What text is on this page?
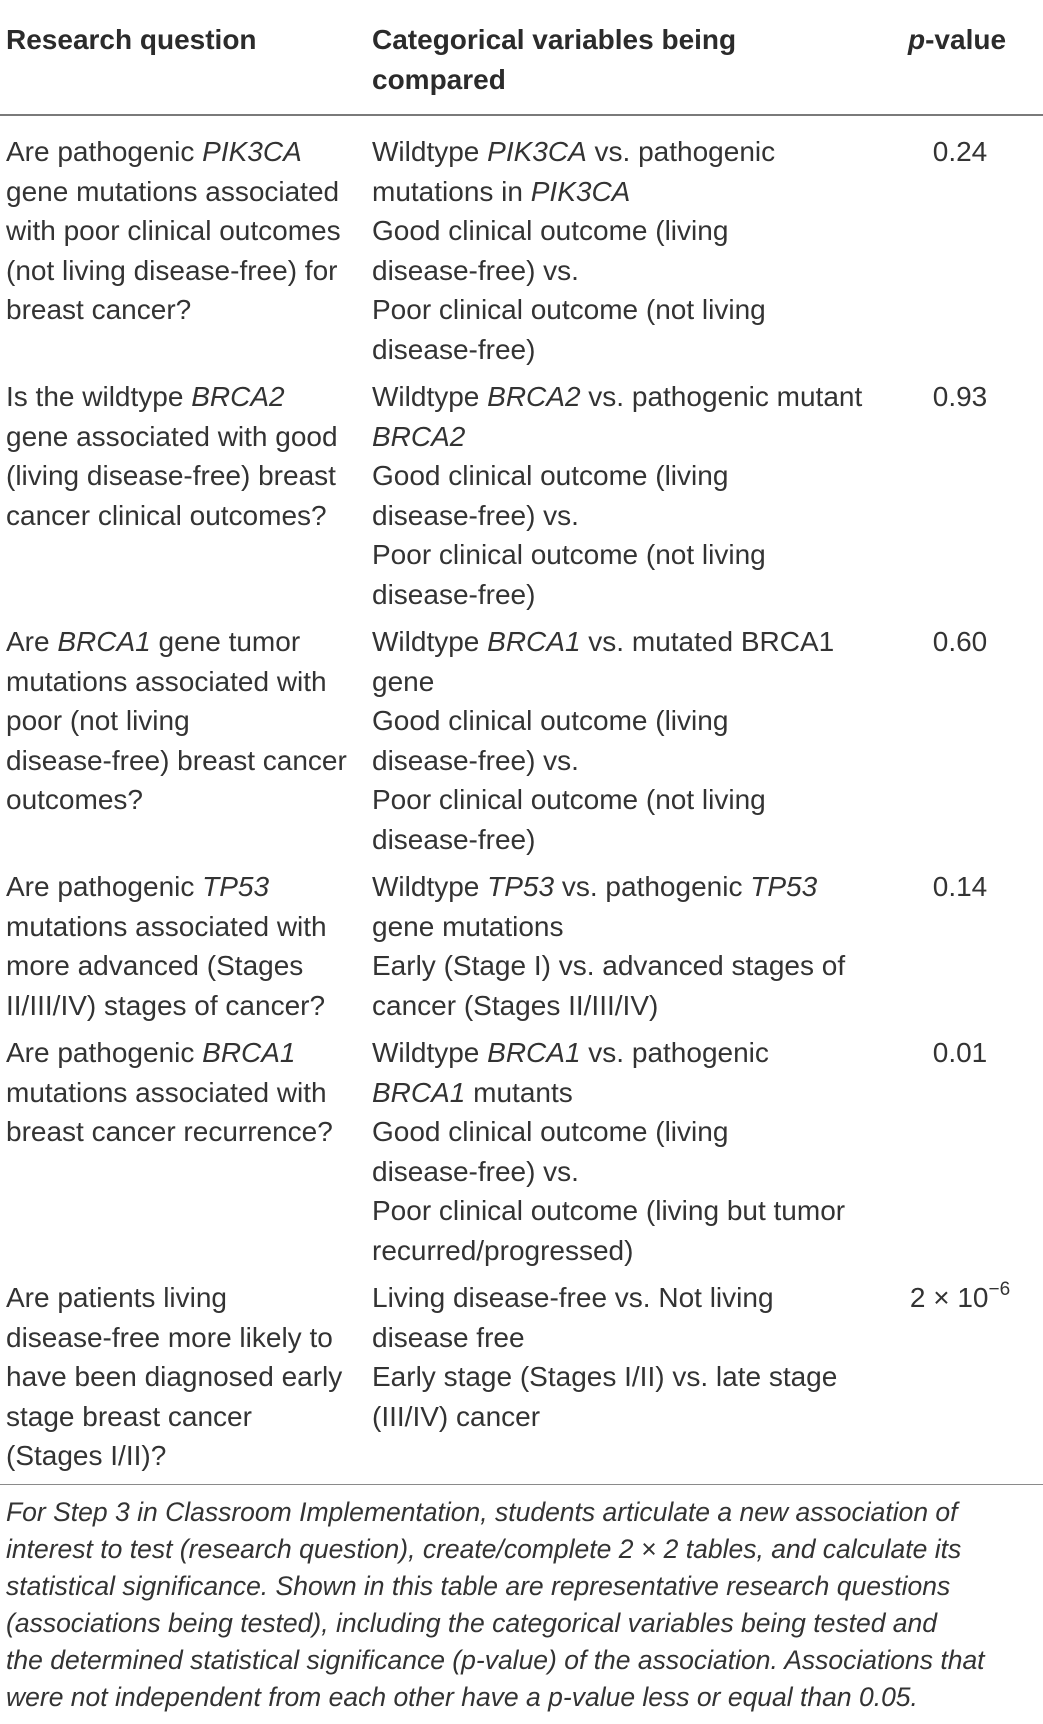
Research question	Categorical variables being
compared
p-value
Are pathogenic PIK3CA
gene mutations associated
with poor clinical outcomes
(not living disease-free) for
breast cancer?
Wildtype PIK3CA vs. pathogenic
mutations in PIK3CA
Good clinical outcome (living
disease-free) vs.
Poor clinical outcome (not living
disease-free)
0.24
Is the wildtype BRCA2
gene associated with good
(living disease-free) breast
cancer clinical outcomes?
Wildtype BRCA2 vs. pathogenic mutant
BRCA2
Good clinical outcome (living
disease-free) vs.
Poor clinical outcome (not living
disease-free)
0.93
Are BRCA1 gene tumor
mutations associated with
poor (not living
disease-free) breast cancer
outcomes?
Wildtype BRCA1 vs. mutated BRCA1
gene
Good clinical outcome (living
disease-free) vs.
Poor clinical outcome (not living
disease-free)
0.60
Are pathogenic TP53
mutations associated with
more advanced (Stages
II/III/IV) stages of cancer?
Wildtype TP53 vs. pathogenic TP53
gene mutations
Early (Stage I) vs. advanced stages of
cancer (Stages II/III/IV)
0.14
Are pathogenic BRCA1
mutations associated with
breast cancer recurrence?
Wildtype BRCA1 vs. pathogenic
BRCA1 mutants
Good clinical outcome (living
disease-free) vs.
Poor clinical outcome (living but tumor
recurred/progressed)
0.01
Are patients living
disease-free more likely to
have been diagnosed early
stage breast cancer
(Stages I/II)?
Living disease-free vs. Not living
disease free
Early stage (Stages I/II) vs. late stage
(III/IV) cancer
$2 \times 10^{-6}$
For Step 3 in Classroom Implementation, students articulate a new association of
interest to test (research question), create/complete 2 × 2 tables, and calculate its
statistical significance. Shown in this table are representative research questions
(associations being tested), including the categorical variables being tested and
the determined statistical significance (p-value) of the association. Associations that
were not independent from each other have a p-value less or equal than 0.05.
